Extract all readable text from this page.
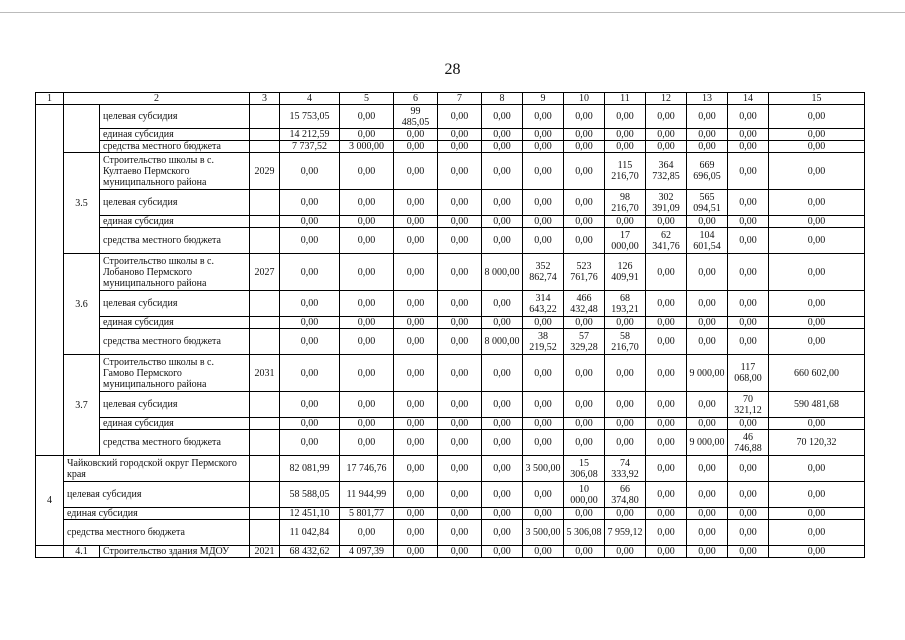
28
1	2		3	4	5	6	7	8	9	10	11	12	13	14	15
		целевая субсидия		15 753,05	0,00	99 485,05	0,00	0,00	0,00	0,00	0,00	0,00	0,00	0,00	0,00
		единая субсидия		14 212,59	0,00	0,00	0,00	0,00	0,00	0,00	0,00	0,00	0,00	0,00	0,00
		средства местного бюджета		7 737,52	3 000,00	0,00	0,00	0,00	0,00	0,00	0,00	0,00	0,00	0,00	0,00
	3.5	Строительство школы в с. Култаево Пермского муниципального района	2029	0,00	0,00	0,00	0,00	0,00	0,00	0,00	115 216,70	364 732,85	669 696,05	0,00	0,00
		целевая субсидия		0,00	0,00	0,00	0,00	0,00	0,00	0,00	98 216,70	302 391,09	565 094,51	0,00	0,00
		единая субсидия		0,00	0,00	0,00	0,00	0,00	0,00	0,00	0,00	0,00	0,00	0,00	0,00
		средства местного бюджета		0,00	0,00	0,00	0,00	0,00	0,00	0,00	17 000,00	62 341,76	104 601,54	0,00	0,00
	3.6	Строительство школы в с. Лобаново Пермского муниципального района	2027	0,00	0,00	0,00	0,00	8 000,00	352 862,74	523 761,76	126 409,91	0,00	0,00	0,00	0,00
		целевая субсидия		0,00	0,00	0,00	0,00	0,00	314 643,22	466 432,48	68 193,21	0,00	0,00	0,00	0,00
		единая субсидия		0,00	0,00	0,00	0,00	0,00	0,00	0,00	0,00	0,00	0,00	0,00	0,00
		средства местного бюджета		0,00	0,00	0,00	0,00	8 000,00	38 219,52	57 329,28	58 216,70	0,00	0,00	0,00	0,00
	3.7	Строительство школы в с. Гамово Пермского муниципального района	2031	0,00	0,00	0,00	0,00	0,00	0,00	0,00	0,00	0,00	9 000,00	117 068,00	660 602,00
		целевая субсидия		0,00	0,00	0,00	0,00	0,00	0,00	0,00	0,00	0,00	0,00	70 321,12	590 481,68
		единая субсидия		0,00	0,00	0,00	0,00	0,00	0,00	0,00	0,00	0,00	0,00	0,00	0,00
		средства местного бюджета		0,00	0,00	0,00	0,00	0,00	0,00	0,00	0,00	0,00	9 000,00	46 746,88	70 120,32
4	Чайковский городской округ Пермского края			82 081,99	17 746,76	0,00	0,00	0,00	3 500,00	15 306,08	74 333,92	0,00	0,00	0,00	0,00
	целевая субсидия			58 588,05	11 944,99	0,00	0,00	0,00	0,00	10 000,00	66 374,80	0,00	0,00	0,00	0,00
	единая субсидия			12 451,10	5 801,77	0,00	0,00	0,00	0,00	0,00	0,00	0,00	0,00	0,00	0,00
	средства местного бюджета			11 042,84	0,00	0,00	0,00	0,00	3 500,00	5 306,08	7 959,12	0,00	0,00	0,00	0,00
	4.1	Строительство здания МДОУ	2021	68 432,62	4 097,39	0,00	0,00	0,00	0,00	0,00	0,00	0,00	0,00	0,00	0,00
